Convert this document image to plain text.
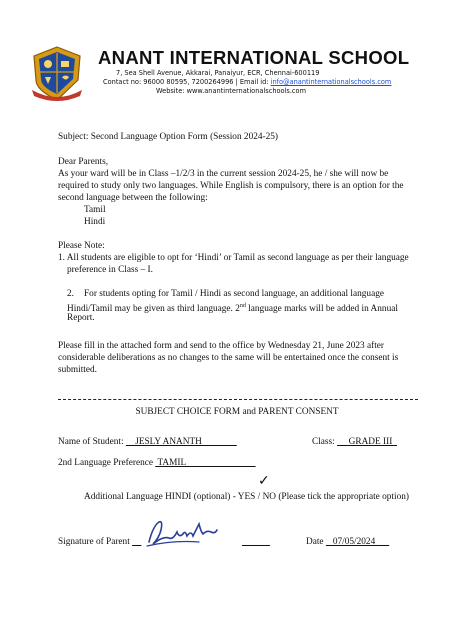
ANANT INTERNATIONAL SCHOOL
7, Sea Shell Avenue, Akkarai, Panaiyur, ECR, Chennai-600119
Contact no: 96000 80595, 7200264996 | Email id: info@anantinternationalschools.com
Website: www.anantinternationalschools.com
Subject: Second Language Option Form (Session 2024-25)
Dear Parents,
As your ward will be in Class –1/2/3 in the current session 2024-25, he / she will now be
required to study only two languages. While English is compulsory, there is an option for the
second language between the following:
Tamil
Hindi
Please Note:
1. All students are eligible to opt for ‘Hindi’ or Tamil as second language as per their language
preference in Class – I.
2. For students opting for Tamil / Hindi as second language, an additional language
Hindi/Tamil may be given as third language. 2nd language marks will be added in Annual
Report.
Please fill in the attached form and send to the office by Wednesday 21, June 2023 after
considerable deliberations as no changes to the same will be entertained once the consent is
submitted.
SUBJECT CHOICE FORM and PARENT CONSENT
Name of Student:     JESLY ANANTH	Class:      GRADE III
2nd Language Preference  TAMIL
✓
Additional Language HINDI (optional) - YES / NO (Please tick the appropriate option)
Signature of Parent
	Date    07/05/2024
